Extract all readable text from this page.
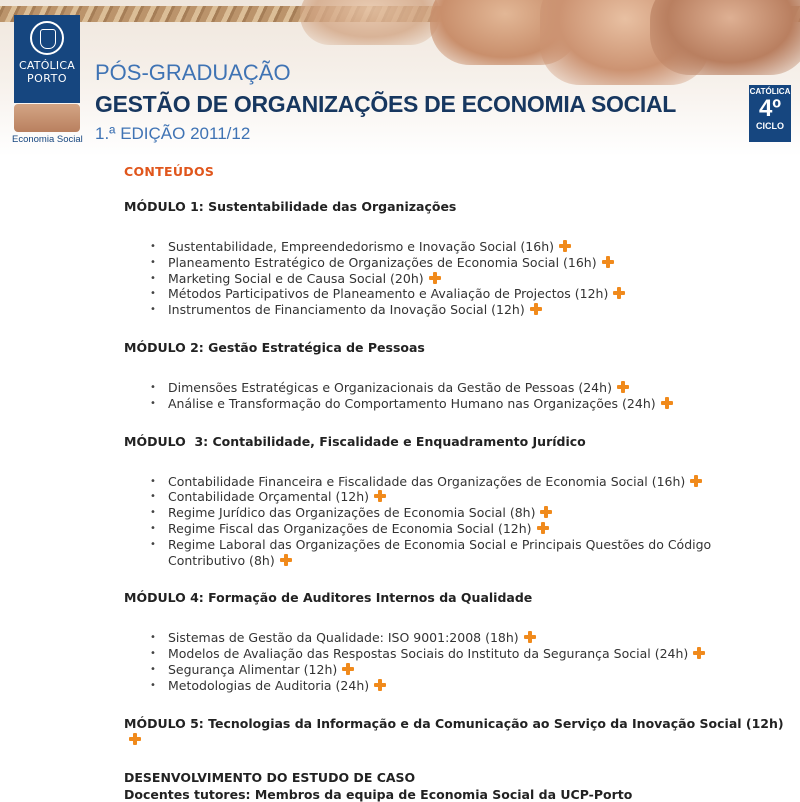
CATÓLICA
PORTO
Economia Social
PÓS-GRADUAÇÃO
GESTÃO DE ORGANIZAÇÕES DE ECONOMIA SOCIAL
1.ª EDIÇÃO 2011/12
CATÓLICA
4º
CICLO
CONTEÚDOS
MÓDULO 1: Sustentabilidade das Organizações
• Sustentabilidade, Empreendedorismo e Inovação Social (16h)
• Planeamento Estratégico de Organizações de Economia Social (16h)
• Marketing Social e de Causa Social (20h)
• Métodos Participativos de Planeamento e Avaliação de Projectos (12h)
• Instrumentos de Financiamento da Inovação Social (12h)
MÓDULO 2: Gestão Estratégica de Pessoas
• Dimensões Estratégicas e Organizacionais da Gestão de Pessoas (24h)
• Análise e Transformação do Comportamento Humano nas Organizações (24h)
MÓDULO  3: Contabilidade, Fiscalidade e Enquadramento Jurídico
• Contabilidade Financeira e Fiscalidade das Organizações de Economia Social (16h)
• Contabilidade Orçamental (12h)
• Regime Jurídico das Organizações de Economia Social (8h)
• Regime Fiscal das Organizações de Economia Social (12h)
• Regime Laboral das Organizações de Economia Social e Principais Questões do Código Contributivo (8h)
MÓDULO 4: Formação de Auditores Internos da Qualidade
• Sistemas de Gestão da Qualidade: ISO 9001:2008 (18h)
• Modelos de Avaliação das Respostas Sociais do Instituto da Segurança Social (24h)
• Segurança Alimentar (12h)
• Metodologias de Auditoria (24h)
MÓDULO 5: Tecnologias da Informação e da Comunicação ao Serviço da Inovação Social (12h)
DESENVOLVIMENTO DO ESTUDO DE CASO
Docentes tutores: Membros da equipa de Economia Social da UCP-Porto
